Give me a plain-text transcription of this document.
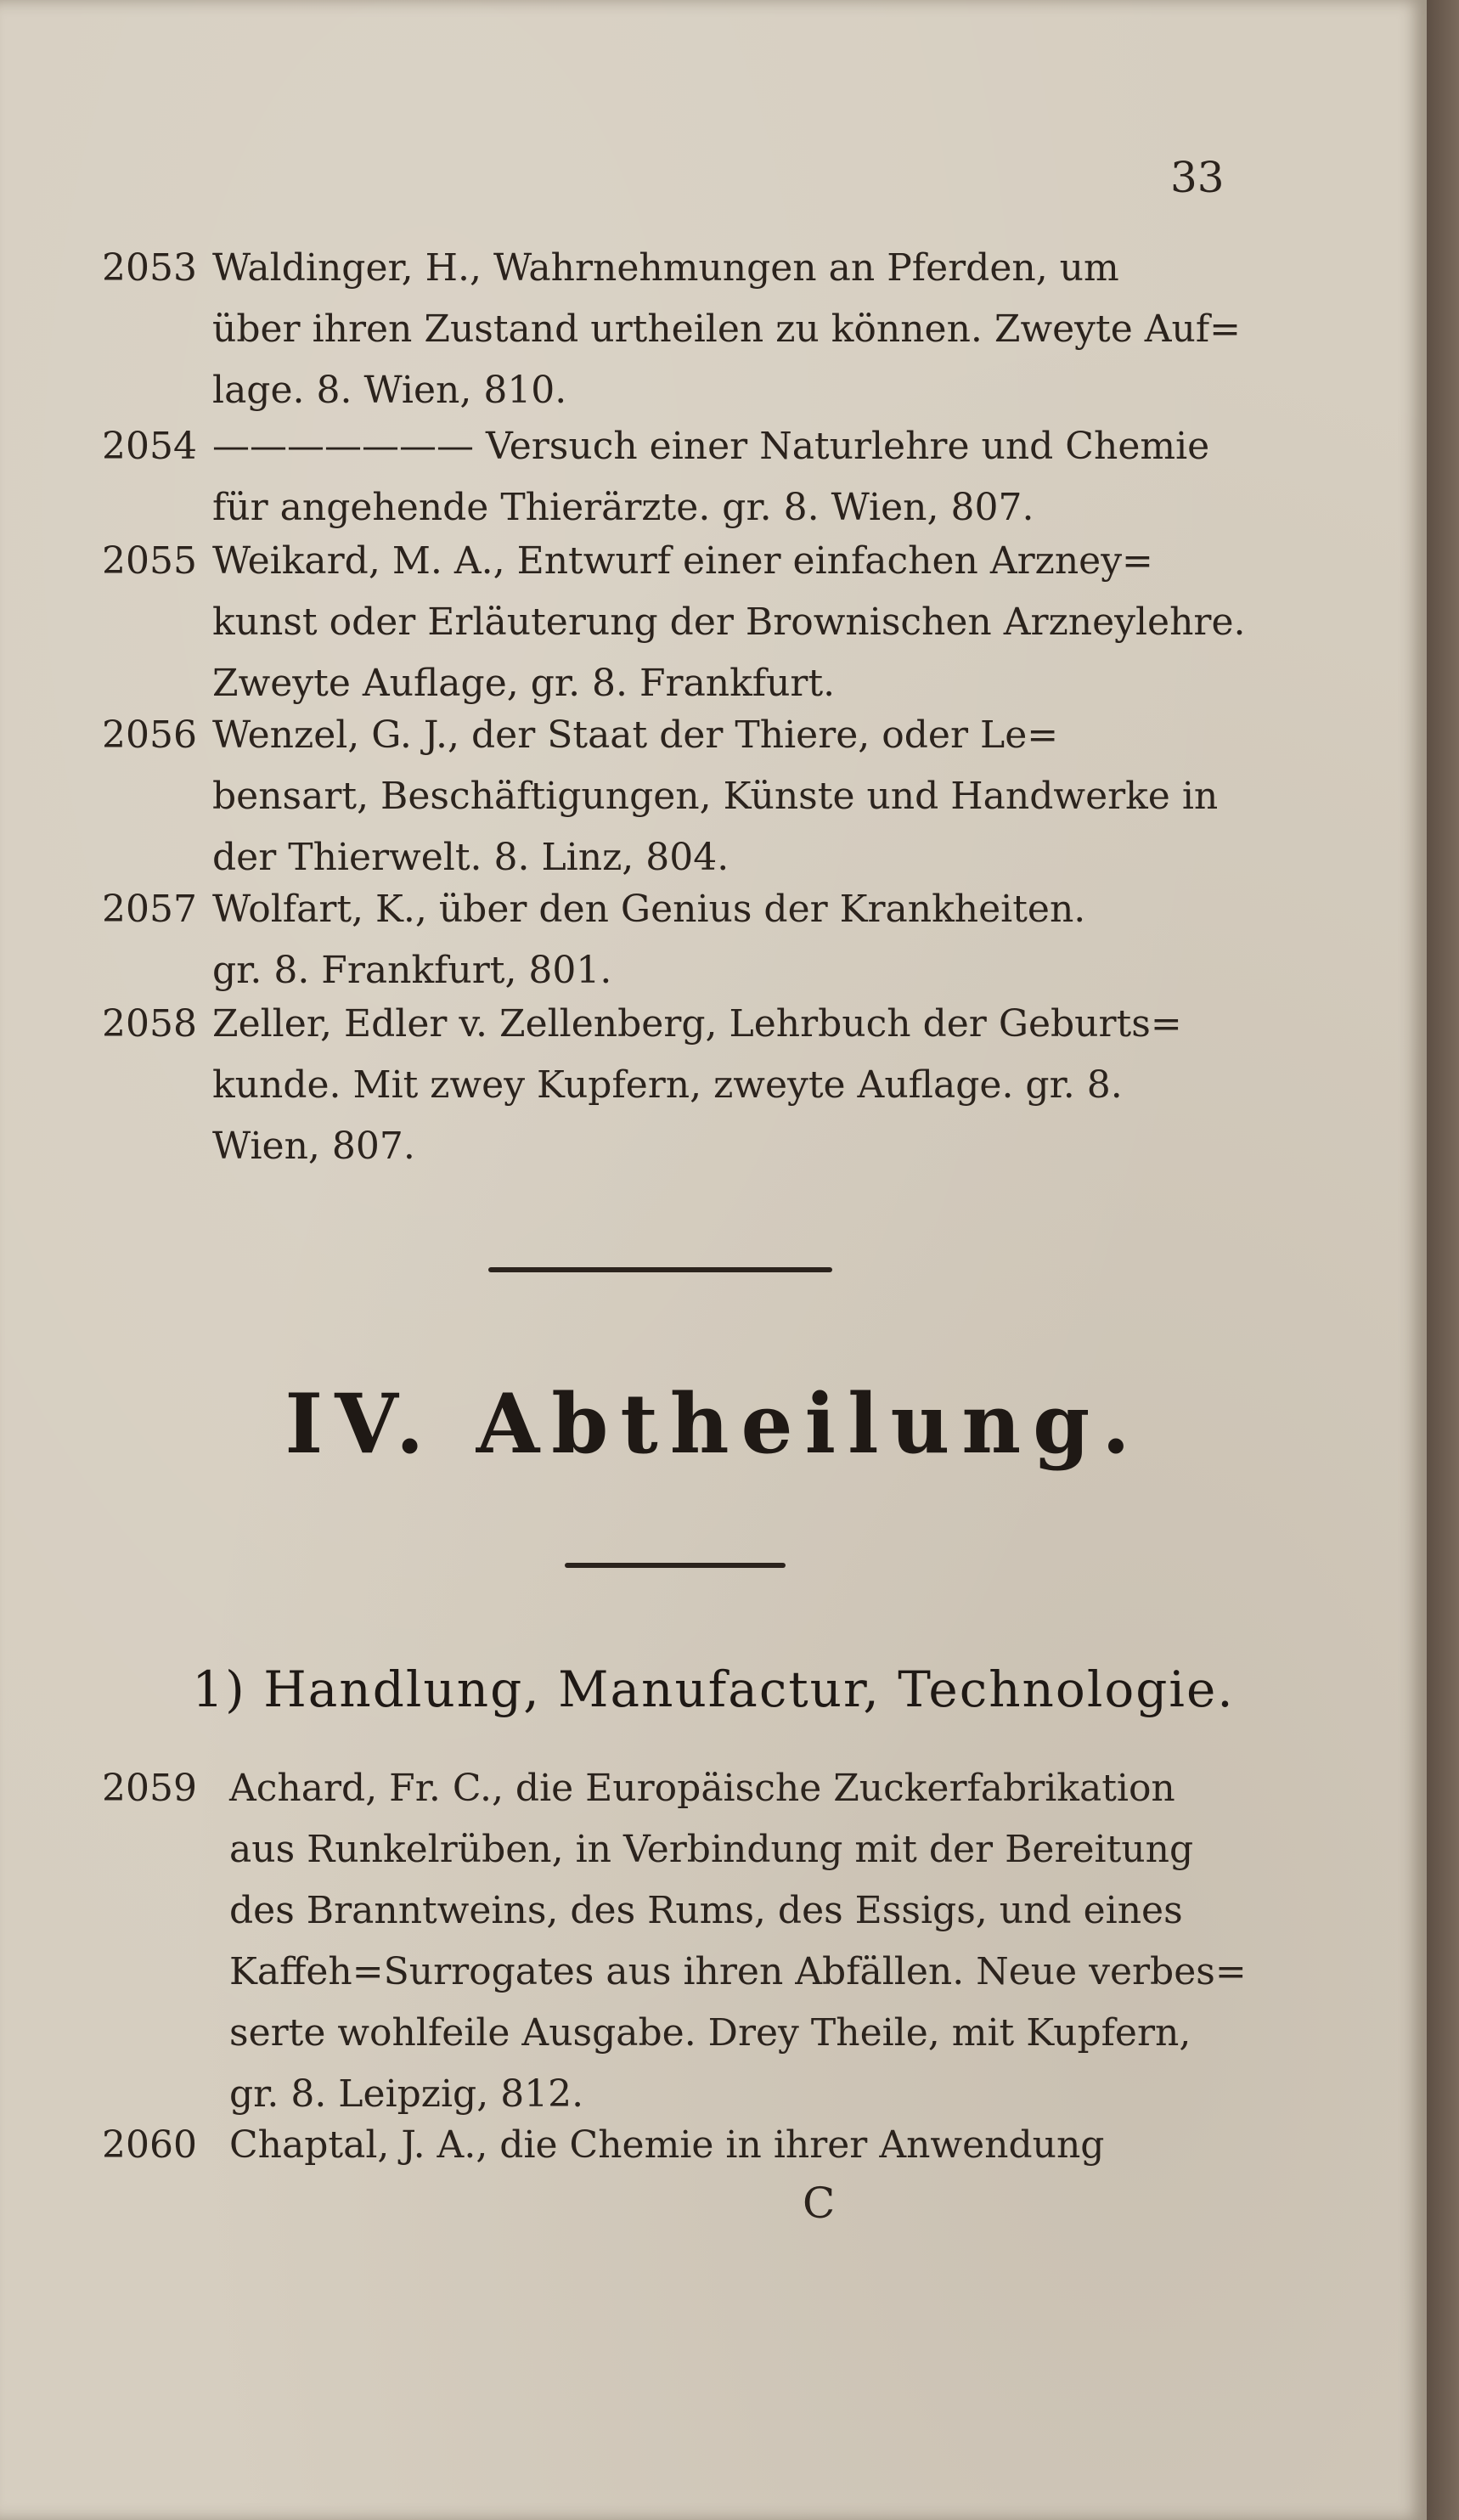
33
2053 Waldinger, H., Wahrnehmungen an Pferden, um
über ihren Zustand urtheilen zu können. Zweyte Auf=
lage. 8. Wien, 810.
2054 ——————— Versuch einer Naturlehre und Chemie
für angehende Thierärzte. gr. 8. Wien, 807.
2055 Weikard, M. A., Entwurf einer einfachen Arzney=
kunst oder Erläuterung der Brownischen Arzneylehre.
Zweyte Auflage, gr. 8. Frankfurt.
2056 Wenzel, G. J., der Staat der Thiere, oder Le=
bensart, Beschäftigungen, Künste und Handwerke in
der Thierwelt. 8. Linz, 804.
2057 Wolfart, K., über den Genius der Krankheiten.
gr. 8. Frankfurt, 801.
2058 Zeller, Edler v. Zellenberg, Lehrbuch der Geburts=
kunde. Mit zwey Kupfern, zweyte Auflage. gr. 8.
Wien, 807.
IV. Abtheilung.
1) Handlung, Manufactur, Technologie.
2059 Achard, Fr. C., die Europäische Zuckerfabrikation
aus Runkelrüben, in Verbindung mit der Bereitung
des Branntweins, des Rums, des Essigs, und eines
Kaffeh=Surrogates aus ihren Abfällen. Neue verbes=
serte wohlfeile Ausgabe. Drey Theile, mit Kupfern,
gr. 8. Leipzig, 812.
2060 Chaptal, J. A., die Chemie in ihrer Anwendung
C
